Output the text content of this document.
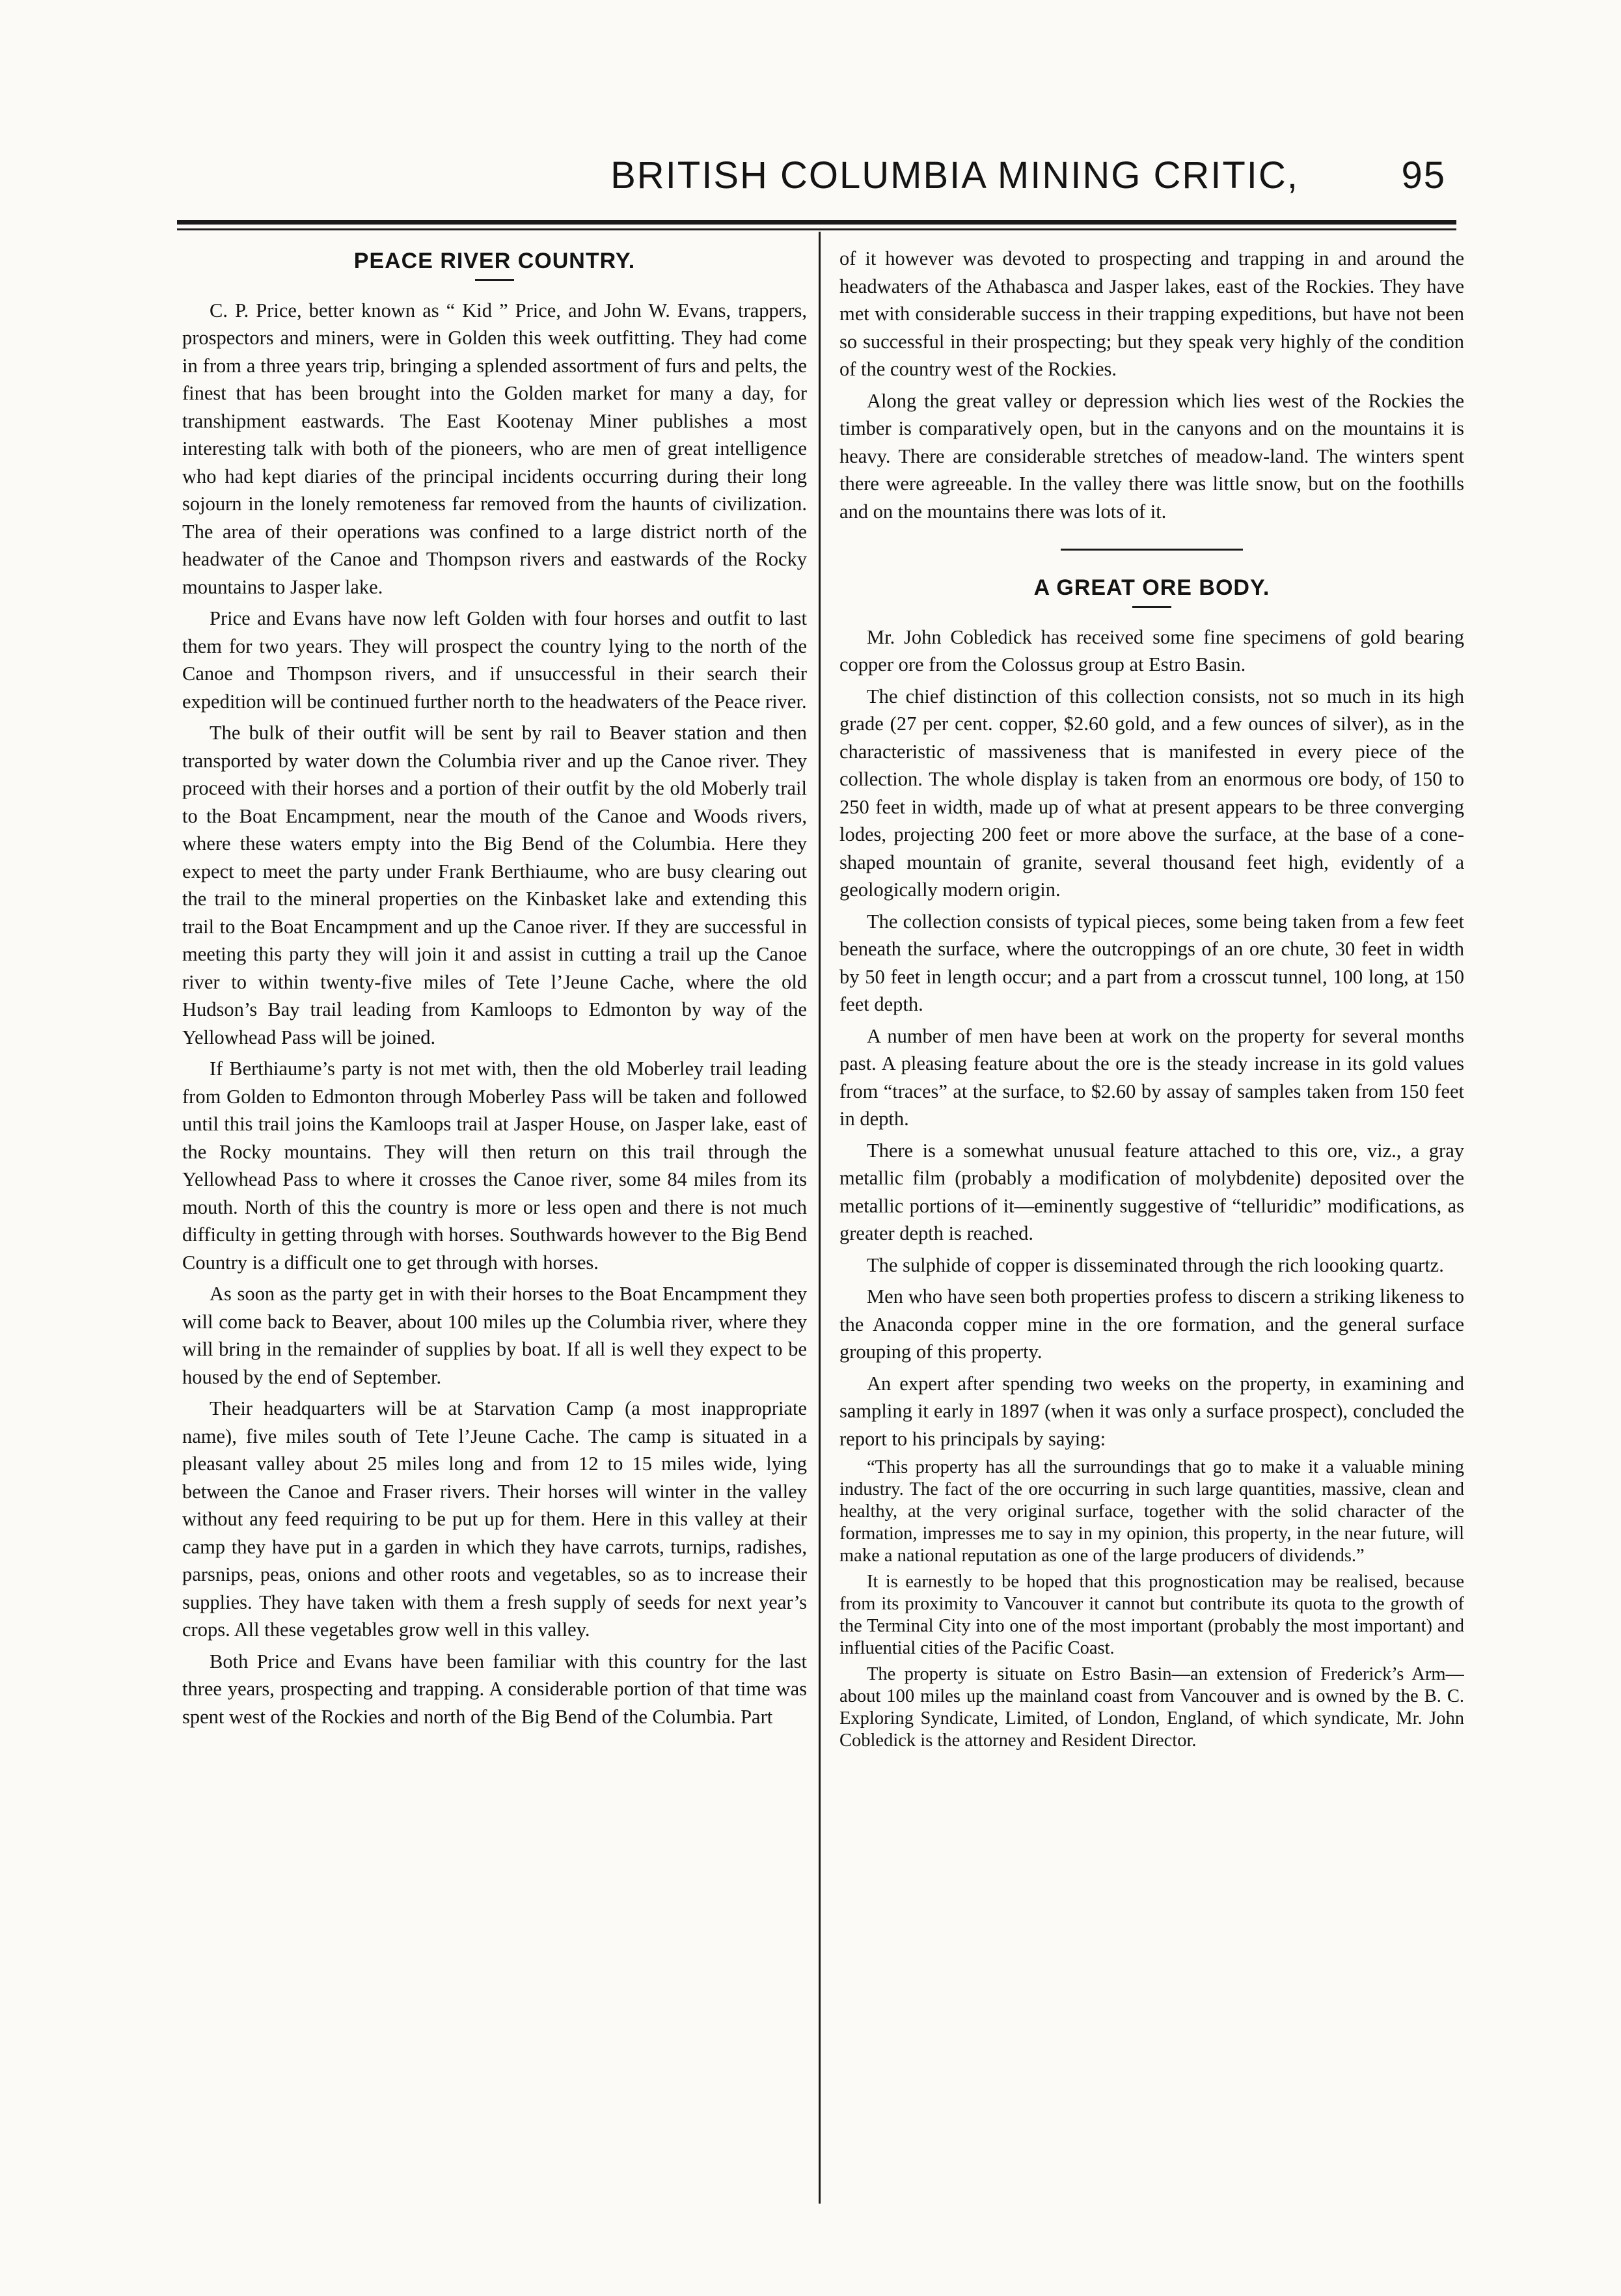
BRITISH COLUMBIA MINING CRITIC,	95
PEACE RIVER COUNTRY.

C. P. Price, better known as “ Kid ” Price, and John W. Evans, trappers, prospectors and miners, were in Golden this week outfitting. They had come in from a three years trip, bringing a splended assortment of furs and pelts, the finest that has been brought into the Golden market for many a day, for transhipment eastwards. The East Kootenay Miner publishes a most interesting talk with both of the pioneers, who are men of great intelligence who had kept diaries of the principal incidents occurring during their long sojourn in the lonely remoteness far removed from the haunts of civilization. The area of their operations was confined to a large district north of the headwater of the Canoe and Thompson rivers and eastwards of the Rocky mountains to Jasper lake.

Price and Evans have now left Golden with four horses and outfit to last them for two years. They will prospect the country lying to the north of the Canoe and Thompson rivers, and if unsuccessful in their search their expedition will be continued further north to the headwaters of the Peace river.

The bulk of their outfit will be sent by rail to Beaver station and then transported by water down the Columbia river and up the Canoe river. They proceed with their horses and a portion of their outfit by the old Moberly trail to the Boat Encampment, near the mouth of the Canoe and Woods rivers, where these waters empty into the Big Bend of the Columbia. Here they expect to meet the party under Frank Berthiaume, who are busy clearing out the trail to the mineral properties on the Kinbasket lake and extending this trail to the Boat Encampment and up the Canoe river. If they are successful in meeting this party they will join it and assist in cutting a trail up the Canoe river to within twenty-five miles of Tete l’Jeune Cache, where the old Hudson’s Bay trail leading from Kamloops to Edmonton by way of the Yellowhead Pass will be joined.

If Berthiaume’s party is not met with, then the old Moberley trail leading from Golden to Edmonton through Moberley Pass will be taken and followed until this trail joins the Kamloops trail at Jasper House, on Jasper lake, east of the Rocky mountains. They will then return on this trail through the Yellowhead Pass to where it crosses the Canoe river, some 84 miles from its mouth. North of this the country is more or less open and there is not much difficulty in getting through with horses. Southwards however to the Big Bend Country is a difficult one to get through with horses.

As soon as the party get in with their horses to the Boat Encampment they will come back to Beaver, about 100 miles up the Columbia river, where they will bring in the remainder of supplies by boat. If all is well they expect to be housed by the end of September.

Their headquarters will be at Starvation Camp (a most inappropriate name), five miles south of Tete l’Jeune Cache. The camp is situated in a pleasant valley about 25 miles long and from 12 to 15 miles wide, lying between the Canoe and Fraser rivers. Their horses will winter in the valley without any feed requiring to be put up for them. Here in this valley at their camp they have put in a garden in which they have carrots, turnips, radishes, parsnips, peas, onions and other roots and vegetables, so as to increase their supplies. They have taken with them a fresh supply of seeds for next year’s crops. All these vegetables grow well in this valley.

Both Price and Evans have been familiar with this country for the last three years, prospecting and trapping. A considerable portion of that time was spent west of the Rockies and north of the Big Bend of the Columbia. Part

of it however was devoted to prospecting and trapping in and around the headwaters of the Athabasca and Jasper lakes, east of the Rockies. They have met with considerable success in their trapping expeditions, but have not been so successful in their prospecting; but they speak very highly of the condition of the country west of the Rockies.

Along the great valley or depression which lies west of the Rockies the timber is comparatively open, but in the canyons and on the mountains it is heavy. There are considerable stretches of meadow-land. The winters spent there were agreeable. In the valley there was little snow, but on the foothills and on the mountains there was lots of it.

A GREAT ORE BODY.

Mr. John Cobledick has received some fine specimens of gold bearing copper ore from the Colossus group at Estro Basin.

The chief distinction of this collection consists, not so much in its high grade (27 per cent. copper, $2.60 gold, and a few ounces of silver), as in the characteristic of massiveness that is manifested in every piece of the collection. The whole display is taken from an enormous ore body, of 150 to 250 feet in width, made up of what at present appears to be three converging lodes, projecting 200 feet or more above the surface, at the base of a cone-shaped mountain of granite, several thousand feet high, evidently of a geologically modern origin.

The collection consists of typical pieces, some being taken from a few feet beneath the surface, where the outcroppings of an ore chute, 30 feet in width by 50 feet in length occur; and a part from a crosscut tunnel, 100 long, at 150 feet depth.

A number of men have been at work on the property for several months past. A pleasing feature about the ore is the steady increase in its gold values from “traces” at the surface, to $2.60 by assay of samples taken from 150 feet in depth.

There is a somewhat unusual feature attached to this ore, viz., a gray metallic film (probably a modification of molybdenite) deposited over the metallic portions of it—eminently suggestive of “telluridic” modifications, as greater depth is reached.

The sulphide of copper is disseminated through the rich loooking quartz.

Men who have seen both properties profess to discern a striking likeness to the Anaconda copper mine in the ore formation, and the general surface grouping of this property.

An expert after spending two weeks on the property, in examining and sampling it early in 1897 (when it was only a surface prospect), concluded the report to his principals by saying:

“This property has all the surroundings that go to make it a valuable mining industry. The fact of the ore occurring in such large quantities, massive, clean and healthy, at the very original surface, together with the solid character of the formation, impresses me to say in my opinion, this property, in the near future, will make a national reputation as one of the large producers of dividends.”

It is earnestly to be hoped that this prognostication may be realised, because from its proximity to Vancouver it cannot but contribute its quota to the growth of the Terminal City into one of the most important (probably the most important) and influential cities of the Pacific Coast.

The property is situate on Estro Basin—an extension of Frederick’s Arm—about 100 miles up the mainland coast from Vancouver and is owned by the B. C. Exploring Syndicate, Limited, of London, England, of which syndicate, Mr. John Cobledick is the attorney and Resident Director.
